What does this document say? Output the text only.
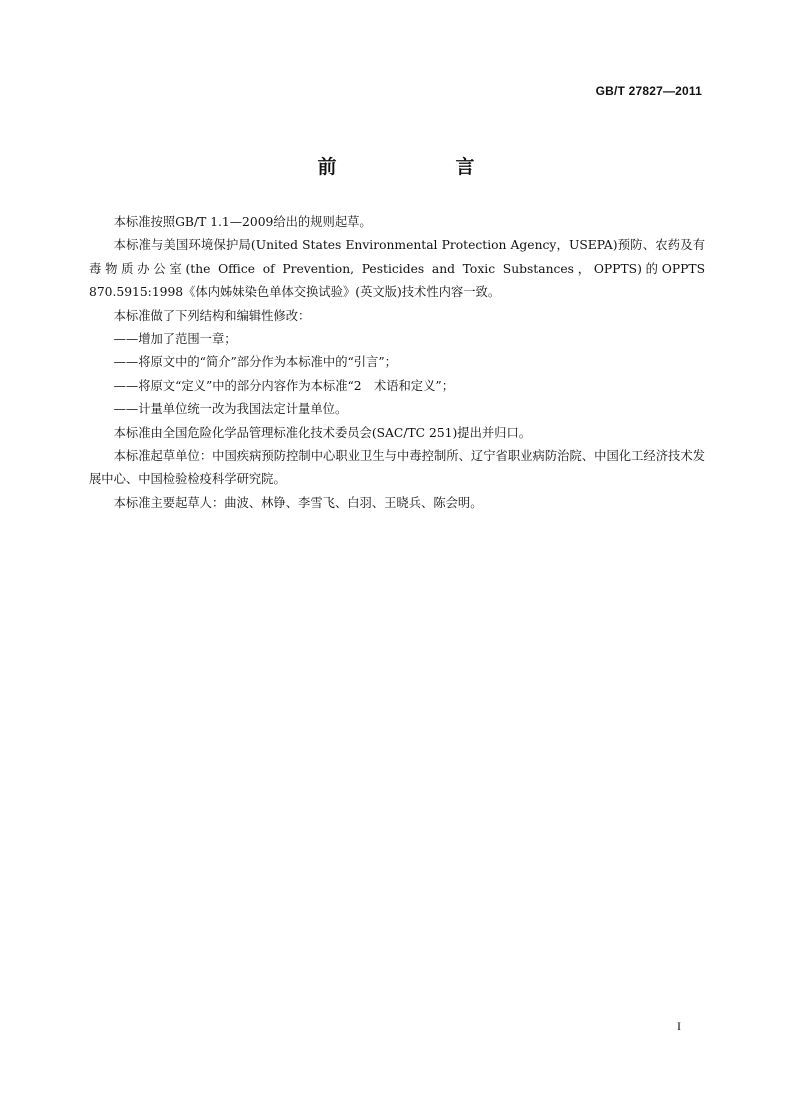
GB/T 27827—2011
前　言

本标准按照GB/T 1.1—2009给出的规则起草。

本标准与美国环境保护局(United States Environmental Protection Agency，USEPA)预防、农药及有毒物质办公室(the Office of Prevention, Pesticides and Toxic Substances，OPPTS)的OPPTS 870.5915:1998《体内姊妹染色单体交换试验》(英文版)技术性内容一致。

本标准做了下列结构和编辑性修改：

——增加了范围一章；

——将原文中的“简介”部分作为本标准中的“引言”；

——将原文“定义”中的部分内容作为本标准“2　术语和定义”；

——计量单位统一改为我国法定计量单位。

本标准由全国危险化学品管理标准化技术委员会(SAC/TC 251)提出并归口。

本标准起草单位：中国疾病预防控制中心职业卫生与中毒控制所、辽宁省职业病防治院、中国化工经济技术发展中心、中国检验检疫科学研究院。

本标准主要起草人：曲波、林铮、李雪飞、白羽、王晓兵、陈会明。

I
